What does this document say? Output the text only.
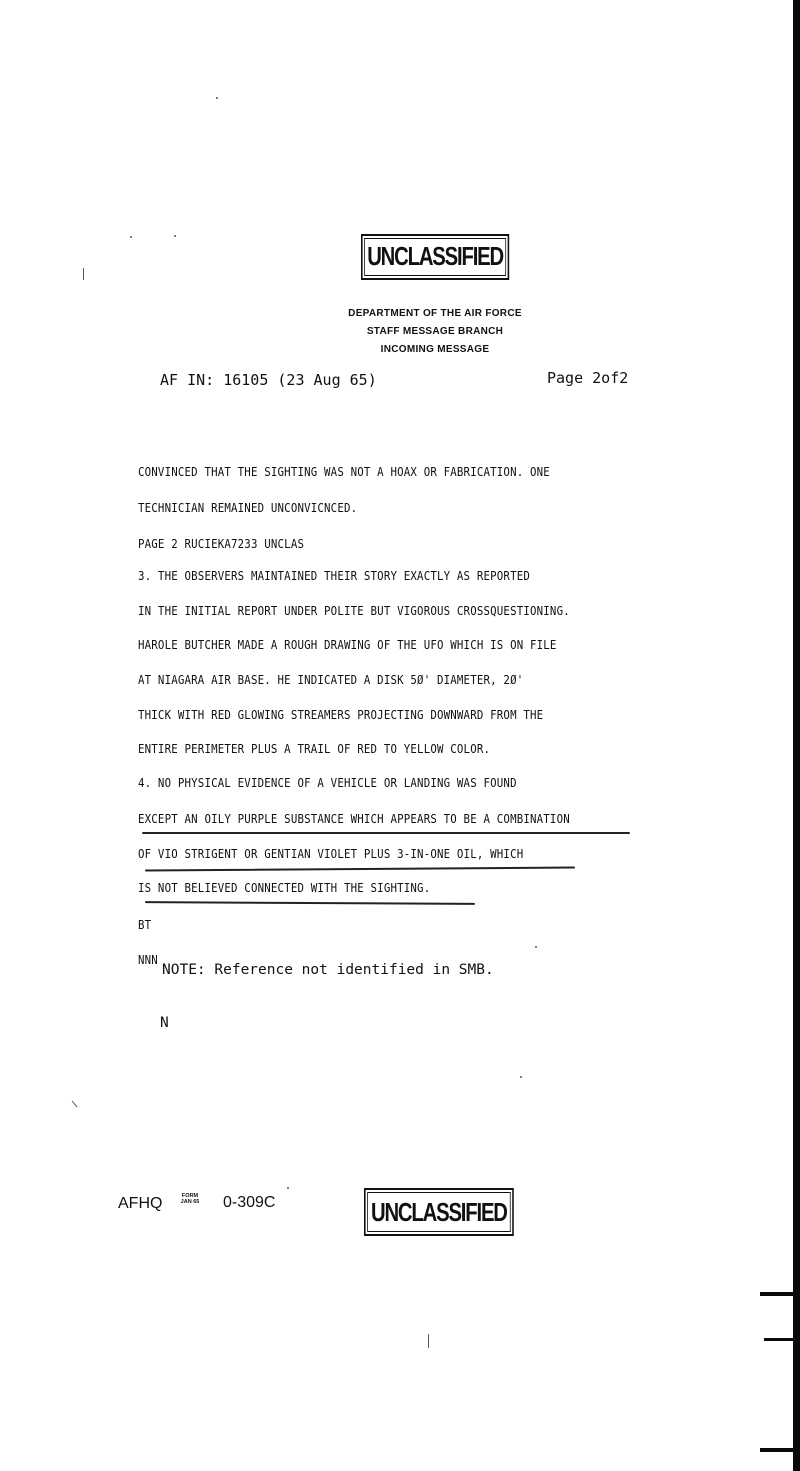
UNCLASSIFIED
DEPARTMENT OF THE AIR FORCE
STAFF MESSAGE BRANCH
INCOMING MESSAGE
AF IN: 16105 (23 Aug 65)	Page 2of2
CONVINCED THAT THE SIGHTING WAS NOT A HOAX OR FABRICATION. ONE
TECHNICIAN REMAINED UNCONVICNCED.
PAGE 2 RUCIEKA7233 UNCLAS
3. THE OBSERVERS MAINTAINED THEIR STORY EXACTLY AS REPORTED
IN THE INITIAL REPORT UNDER POLITE BUT VIGOROUS CROSSQUESTIONING.
HAROLE BUTCHER MADE A ROUGH DRAWING OF THE UFO WHICH IS ON FILE
AT NIAGARA AIR BASE. HE INDICATED A DISK 5Ø' DIAMETER, 2Ø'
THICK WITH RED GLOWING STREAMERS PROJECTING DOWNWARD FROM THE
ENTIRE PERIMETER PLUS A TRAIL OF RED TO YELLOW COLOR.
4. NO PHYSICAL EVIDENCE OF A VEHICLE OR LANDING WAS FOUND
EXCEPT AN OILY PURPLE SUBSTANCE WHICH APPEARS TO BE A COMBINATION
OF VIO STRIGENT OR GENTIAN VIOLET PLUS 3-IN-ONE OIL, WHICH
IS NOT BELIEVED CONNECTED WITH THE SIGHTING.
BT
NNN
NOTE: Reference not identified in SMB.
N
AFHQ	FORM
JAN 65 0-309C	UNCLASSIFIED
